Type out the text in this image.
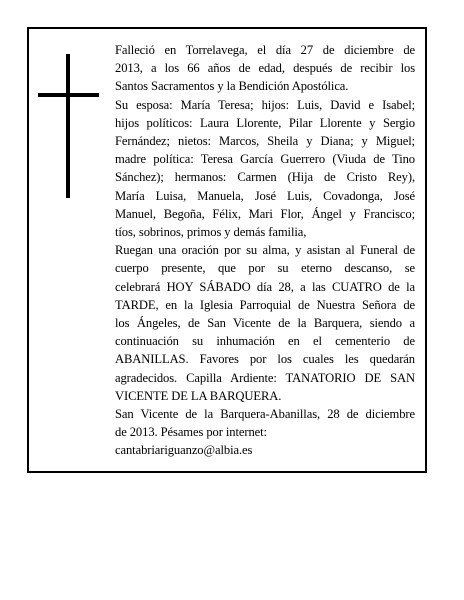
Falleció en Torrelavega, el día 27 de diciembre de
2013, a los 66 años de edad, después de recibir los
Santos Sacramentos y la Bendición Apostólica.

Su esposa: María Teresa; hijos: Luis, David e Isabel;
hijos políticos: Laura Llorente, Pilar Llorente y Sergio
Fernández; nietos: Marcos, Sheila y Diana; y Miguel;
madre política: Teresa García Guerrero (Viuda de Tino
Sánchez); hermanos: Carmen (Hija de Cristo Rey),
María Luisa, Manuela, José Luis, Covadonga, José
Manuel, Begoña, Félix, Mari Flor, Ángel y Francisco;
tíos, sobrinos, primos y demás familia,

Ruegan una oración por su alma, y asistan al Funeral de
cuerpo presente, que por su eterno descanso, se
celebrará HOY SÁBADO día 28, a las CUATRO de la
TARDE, en la Iglesia Parroquial de Nuestra Señora de
los Ángeles, de San Vicente de la Barquera, siendo a
continuación su inhumación en el cementerio de
ABANILLAS. Favores por los cuales les quedarán
agradecidos. Capilla Ardiente: TANATORIO DE SAN
VICENTE DE LA BARQUERA.

San Vicente de la Barquera-Abanillas, 28 de diciembre
de 2013. Pésames por internet:
cantabriariguanzo@albia.es
